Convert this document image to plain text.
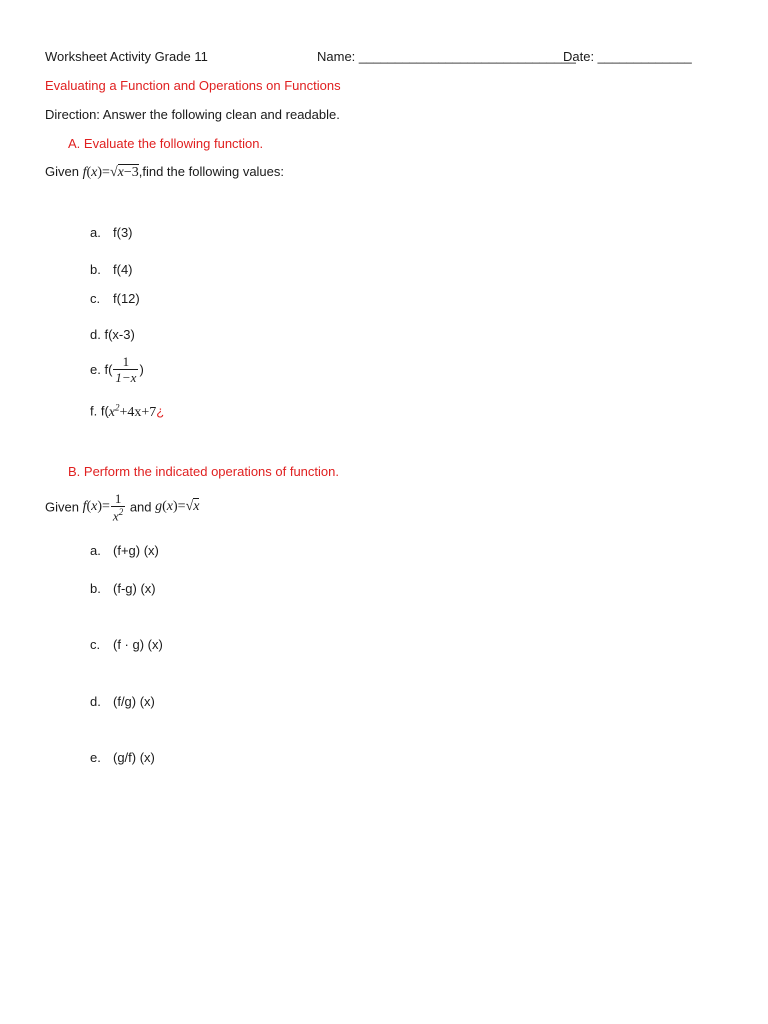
Worksheet Activity Grade 11	Name: ______________________________
Date: _____________
Evaluating a Function and Operations on Functions
Direction: Answer the following clean and readable.
A. Evaluate the following function.
Given f(x)=√x−3,find the following values:
a. f(3)
b. f(4)
c. f(12)
d. f(x-3)
e. $f( \frac{1}{1-x}$ )
f. $f(x^2+4x+7¿$
B. Perform the indicated operations of function.
Given $f(x)= \frac{1}{x^2}$ and g(x)=√x
a. (f+g) (x)
b. (f-g) (x)
c. (f · g) (x)
d. (f/g) (x)
e. (g/f) (x)
